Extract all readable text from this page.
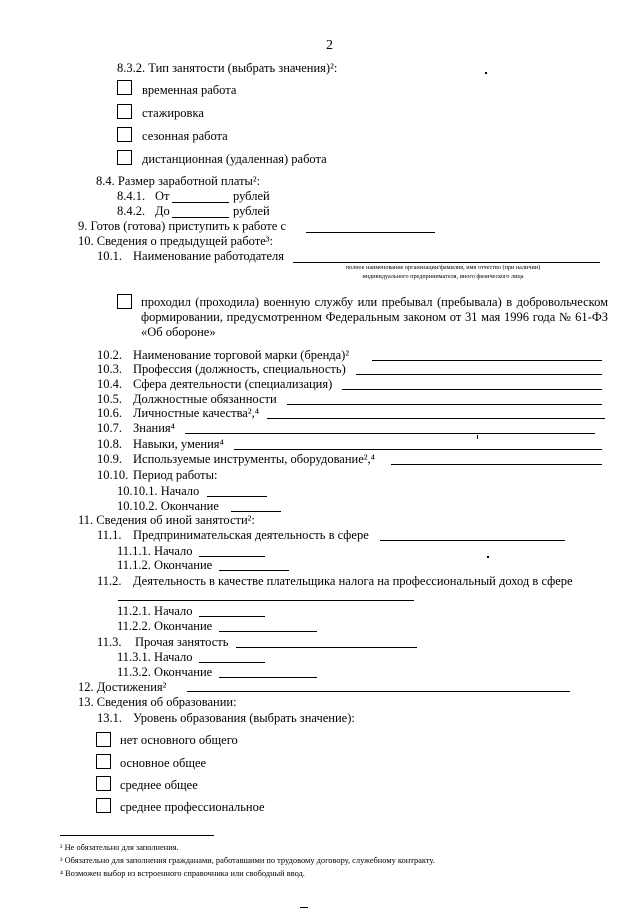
2
8.3.2. Тип занятости (выбрать значения)²:
временная работа
стажировка
сезонная работа
дистанционная (удаленная) работа
8.4. Размер заработной платы²:
8.4.1. От	рублей
8.4.2. До	рублей
9. Готов (готова) приступить к работе с
10. Сведения о предыдущей работе³:
10.1. Наименование работодателя
полное наименование организации/фамилия, имя отчество (при наличии)
индивидуального предпринимателя, иного физического лица
проходил (проходила) военную службу или пребывал (пребывала) в добровольческом формировании, предусмотренном Федеральным законом от 31 мая 1996 года № 61-ФЗ «Об обороне»
10.2. Наименование торговой марки (бренда)²
10.3. Профессия (должность, специальность)
10.4. Сфера деятельности (специализация)
10.5. Должностные обязанности
10.6. Личностные качества²,⁴
10.7. Знания⁴
10.8. Навыки, умения⁴
10.9. Используемые инструменты, оборудование²,⁴
10.10. Период работы:
10.10.1. Начало
10.10.2. Окончание
11. Сведения об иной занятости²:
11.1. Предпринимательская деятельность в сфере
11.1.1. Начало
11.1.2. Окончание
11.2. Деятельность в качестве плательщика налога на профессиональный доход в сфере
11.2.1. Начало
11.2.2. Окончание
11.3. Прочая занятость
11.3.1. Начало
11.3.2. Окончание
12. Достижения²
13. Сведения об образовании:
13.1. Уровень образования (выбрать значение):
нет основного общего
основное общее
среднее общее
среднее профессиональное
² Не обязательно для заполнения.
³ Обязательно для заполнения гражданами, работавшими по трудовому договору, служебному контракту.
⁴ Возможен выбор из встроенного справочника или свободный ввод.
